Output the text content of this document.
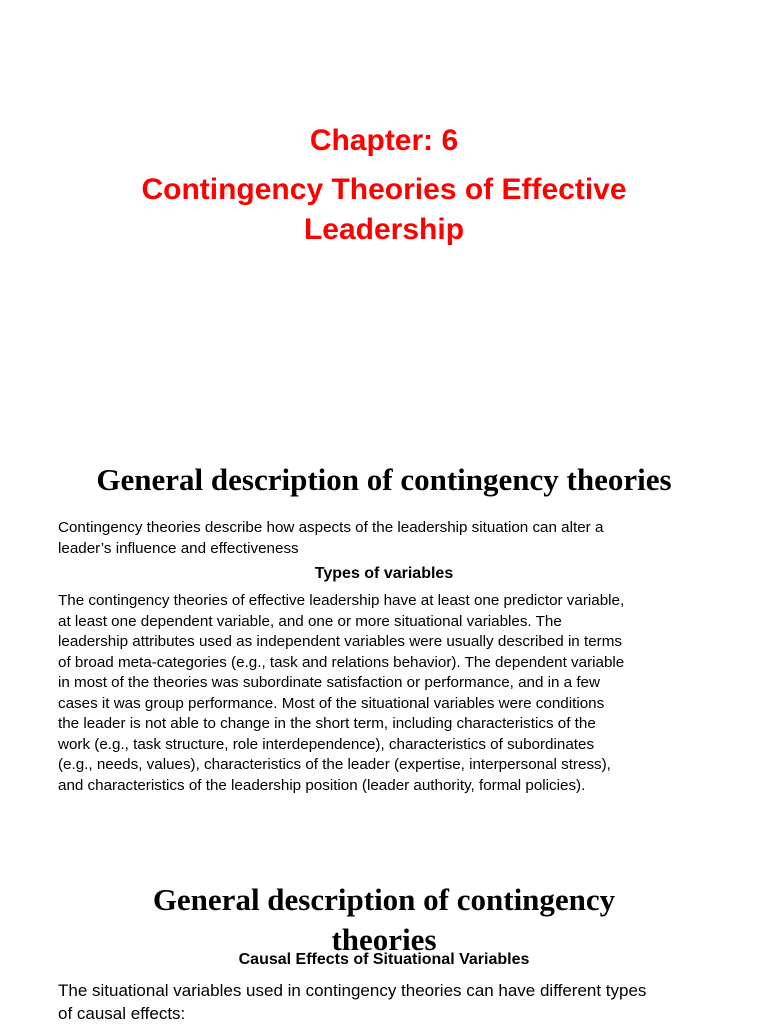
Chapter: 6
Contingency Theories of Effective
Leadership
General description of contingency theories

Contingency theories describe how aspects of the leadership situation can alter a
leader’s influence and effectiveness

Types of variables

The contingency theories of effective leadership have at least one predictor variable,
at least one dependent variable, and one or more situational variables. The
leadership attributes used as independent variables were usually described in terms
of broad meta-categories (e.g., task and relations behavior). The dependent variable
in most of the theories was subordinate satisfaction or performance, and in a few
cases it was group performance. Most of the situational variables were conditions
the leader is not able to change in the short term, including characteristics of the
work (e.g., task structure, role interdependence), characteristics of subordinates
(e.g., needs, values), characteristics of the leader (expertise, interpersonal stress),
and characteristics of the leadership position (leader authority, formal policies).

General description of contingency
theories
Causal Effects of Situational Variables

The situational variables used in contingency theories can have different types
of causal effects:
